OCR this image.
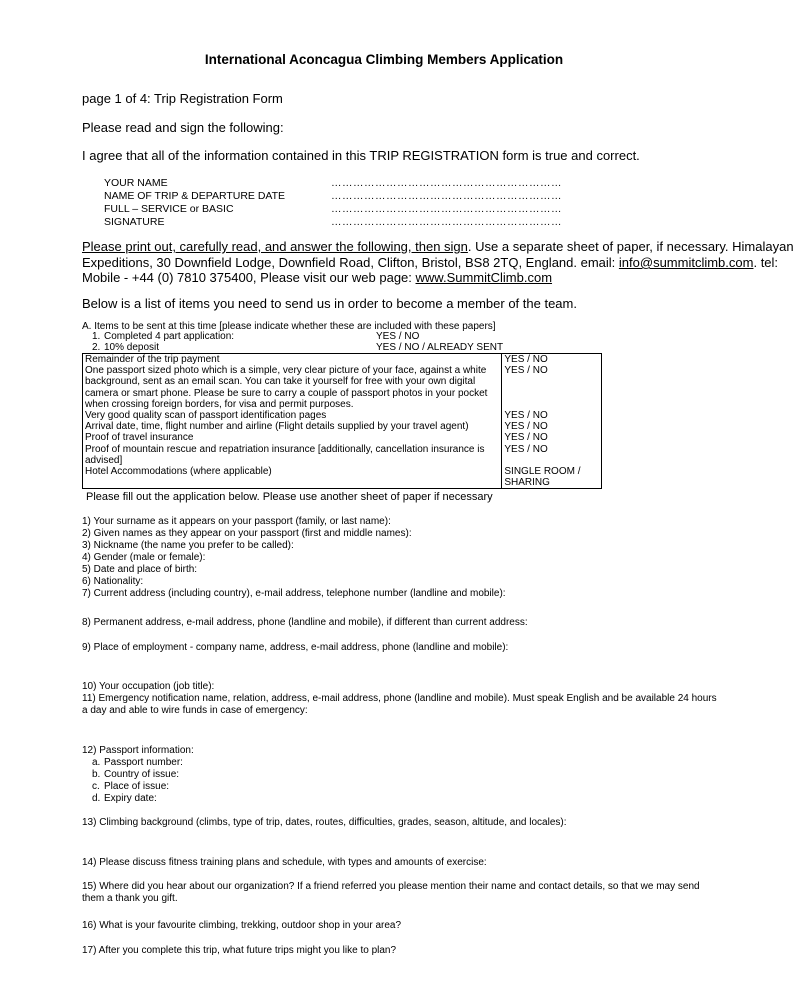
International Aconcagua Climbing Members Application
page 1 of 4: Trip Registration Form
Please read and sign the following:
I agree that all of the information contained in this TRIP REGISTRATION form is true and correct.
YOUR NAME	………………………………………………………
NAME OF TRIP & DEPARTURE DATE	………………………………………………………
FULL – SERVICE or BASIC	………………………………………………………
SIGNATURE	………………………………………………………
Please print out, carefully read, and answer the following, then sign. Use a separate sheet of paper, if necessary. Himalayan
Expeditions, 30 Downfield Lodge, Downfield Road, Clifton, Bristol, BS8 2TQ, England. email: info@summitclimb.com. tel:
Mobile - +44 (0) 7810 375400, Please visit our web page: www.SummitClimb.com
Below is a list of items you need to send us in order to become a member of the team.
A. Items to be sent at this time [please indicate whether these are included with these papers]
1. Completed 4 part application:	YES / NO
2. 10% deposit	YES / NO / ALREADY SENT
Remainder of the trip payment	YES / NO
One passport sized photo which is a simple, very clear picture of your face, against a white background, sent as an email scan. You can take it yourself for free with your own digital camera or smart phone. Please be sure to carry a couple of passport photos in your pocket when crossing foreign borders, for visa and permit purposes.	YES / NO
Very good quality scan of passport identification pages	YES / NO
Arrival date, time, flight number and airline (Flight details supplied by your travel agent)	YES / NO
Proof of travel insurance	YES / NO
Proof of mountain rescue and repatriation insurance [additionally, cancellation insurance is advised]	YES / NO
Hotel Accommodations (where applicable)	SINGLE ROOM / SHARING
Please fill out the application below. Please use another sheet of paper if necessary
1) Your surname as it appears on your passport (family, or last name):
2) Given names as they appear on your passport (first and middle names):
3) Nickname (the name you prefer to be called):
4) Gender (male or female):
5) Date and place of birth:
6) Nationality:
7) Current address (including country), e-mail address, telephone number (landline and mobile):
8) Permanent address, e-mail address, phone (landline and mobile), if different than current address:
9) Place of employment - company name, address, e-mail address, phone (landline and mobile):
10) Your occupation (job title):
11) Emergency notification name, relation, address, e-mail address, phone (landline and mobile). Must speak English and be available 24 hours a day and able to wire funds in case of emergency:
12) Passport information:
a. Passport number:
b. Country of issue:
c. Place of issue:
d. Expiry date:
13) Climbing background (climbs, type of trip, dates, routes, difficulties, grades, season, altitude, and locales):
14) Please discuss fitness training plans and schedule, with types and amounts of exercise:
15) Where did you hear about our organization? If a friend referred you please mention their name and contact details, so that we may send them a thank you gift.
16) What is your favourite climbing, trekking, outdoor shop in your area?
17) After you complete this trip, what future trips might you like to plan?
